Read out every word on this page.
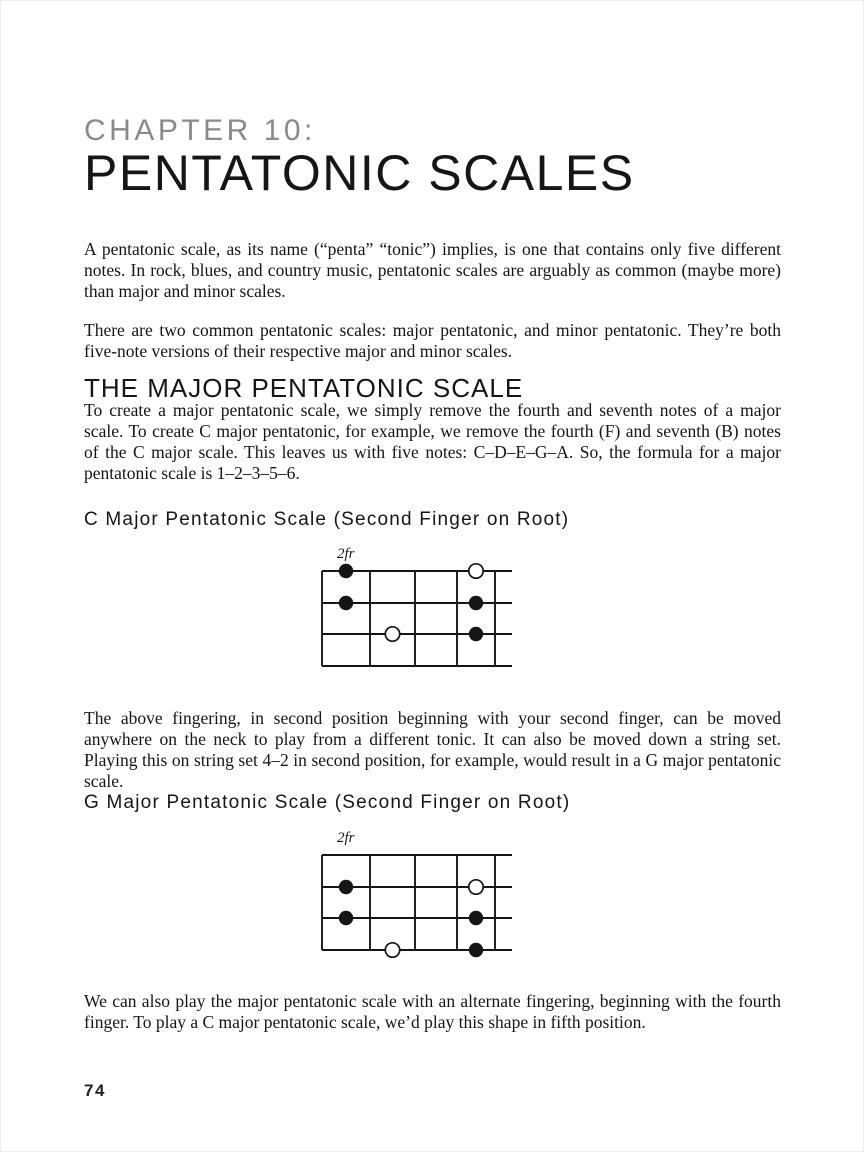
CHAPTER 10:
PENTATONIC SCALES

A pentatonic scale, as its name (“penta” “tonic”) implies, is one that contains only five different notes. In rock, blues, and country music, pentatonic scales are arguably as common (maybe more) than major and minor scales.

There are two common pentatonic scales: major pentatonic, and minor pentatonic. They’re both five-note versions of their respective major and minor scales.

THE MAJOR PENTATONIC SCALE

To create a major pentatonic scale, we simply remove the fourth and seventh notes of a major scale. To create C major pentatonic, for example, we remove the fourth (F) and seventh (B) notes of the C major scale. This leaves us with five notes: C–D–E–G–A. So, the formula for a major pentatonic scale is 1–2–3–5–6.

C Major Pentatonic Scale (Second Finger on Root)
2fr

The above fingering, in second position beginning with your second finger, can be moved anywhere on the neck to play from a different tonic. It can also be moved down a string set. Playing this on string set 4–2 in second position, for example, would result in a G major pentatonic scale.

G Major Pentatonic Scale (Second Finger on Root)
2fr

We can also play the major pentatonic scale with an alternate fingering, beginning with the fourth finger. To play a C major pentatonic scale, we’d play this shape in fifth position.

74
